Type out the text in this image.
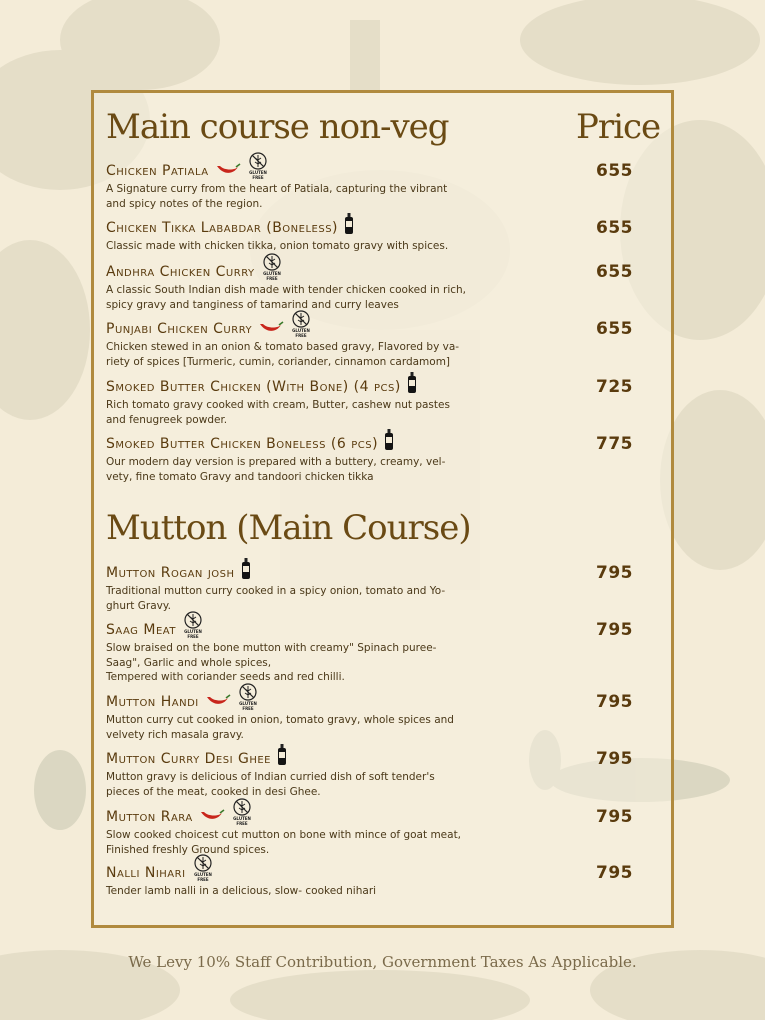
Main course non-veg	Price
Mutton (Main Course)
Chicken Patiala	GLUTEN
FREE
A Signature curry from the heart of Patiala, capturing the vibrant
and spicy notes of the region.
655
Chicken Tikka Lababdar (Boneless)
Classic made with chicken tikka, onion tomato gravy with spices.
655
Andhra Chicken Curry GLUTEN
FREE
A classic South Indian dish made with tender chicken cooked in rich,
spicy gravy and tanginess of tamarind and curry leaves
655
Punjabi Chicken Curry	GLUTEN
FREE
Chicken stewed in an onion & tomato based gravy, Flavored by va-
riety of spices [Turmeric, cumin, coriander, cinnamon cardamom]
655
Smoked Butter Chicken (With Bone) (4 pcs)
Rich tomato gravy cooked with cream, Butter, cashew nut pastes
and fenugreek powder.
725
Smoked Butter Chicken Boneless (6 pcs)
Our modern day version is prepared with a buttery, creamy, vel-
vety, fine tomato Gravy and tandoori chicken tikka
775
Mutton Rogan josh
Traditional mutton curry cooked in a spicy onion, tomato and Yo-
ghurt Gravy.
795
Saag Meat GLUTEN
FREE
Slow braised on the bone mutton with creamy" Spinach puree-
Saag", Garlic and whole spices,
Tempered with coriander seeds and red chilli.
795
Mutton Handi	GLUTEN
FREE
Mutton curry cut cooked in onion, tomato gravy, whole spices and
velvety rich masala gravy.
795
Mutton Curry Desi Ghee
Mutton gravy is delicious of Indian curried dish of soft tender's
pieces of the meat, cooked in desi Ghee.
795
Mutton Rara	GLUTEN
FREE
Slow cooked choicest cut mutton on bone with mince of goat meat,
Finished freshly Ground spices.
795
Nalli Nihari GLUTEN
FREE
Tender lamb nalli in a delicious, slow- cooked nihari
795
We Levy 10% Staff Contribution, Government Taxes As Applicable.
